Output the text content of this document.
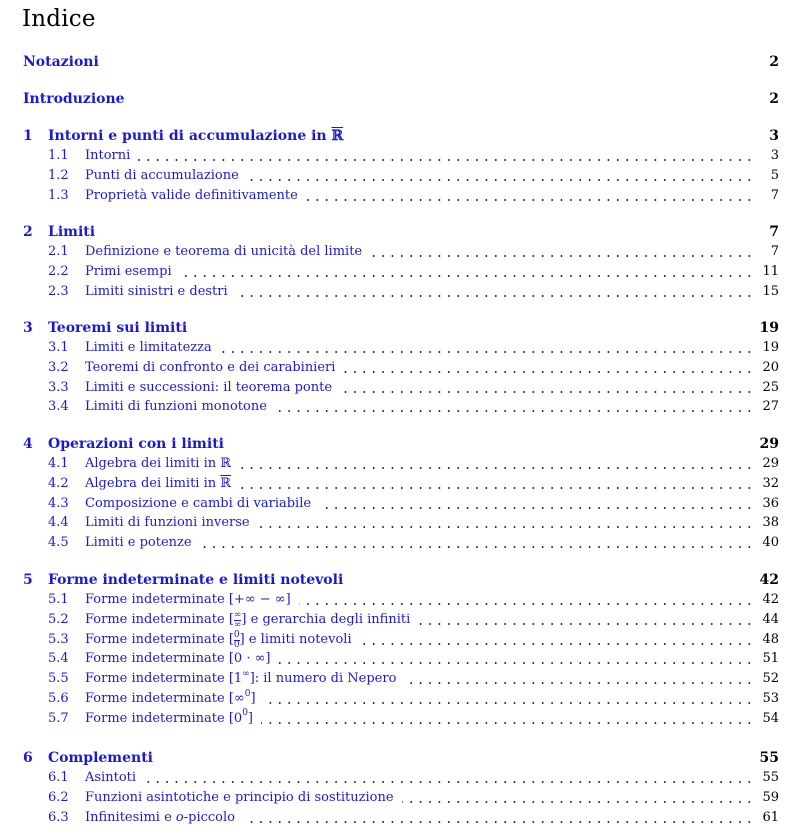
Indice
Notazioni	2
Introduzione	2
1 Intorni e punti di accumulazione in ℝ	3
1.1 Intorni	3
1.2 Punti di accumulazione	5
1.3 Proprietà valide definitivamente	7
2 Limiti	7
2.1 Definizione e teorema di unicità del limite	7
2.2 Primi esempi	11
2.3 Limiti sinistri e destri	15
3 Teoremi sui limiti	19
3.1 Limiti e limitatezza	19
3.2 Teoremi di confronto e dei carabinieri	20
3.3 Limiti e successioni: il teorema ponte	25
3.4 Limiti di funzioni monotone	27
4 Operazioni con i limiti	29
4.1 Algebra dei limiti in ℝ	29
4.2 Algebra dei limiti in ℝ	32
4.3 Composizione e cambi di variabile	36
4.4 Limiti di funzioni inverse	38
4.5 Limiti e potenze	40
5 Forme indeterminate e limiti notevoli	42
5.1 Forme indeterminate [+∞ − ∞]	42
5.2 Forme indeterminate [ $\frac{\infty}{\infty}$ ] e gerarchia degli infiniti	44
5.3 Forme indeterminate [ $\frac{0}{0}$ ] e limiti notevoli	48
5.4 Forme indeterminate [0 · ∞]	51
5.5 Forme indeterminate [1∞]: il numero di Nepero	52
5.6 Forme indeterminate [∞$^0$]	53
5.7 Forme indeterminate $[0^0]$	54
6 Complementi	55
6.1 Asintoti	55
6.2 Funzioni asintotiche e principio di sostituzione	59
6.3 Infinitesimi e o-piccolo	61
